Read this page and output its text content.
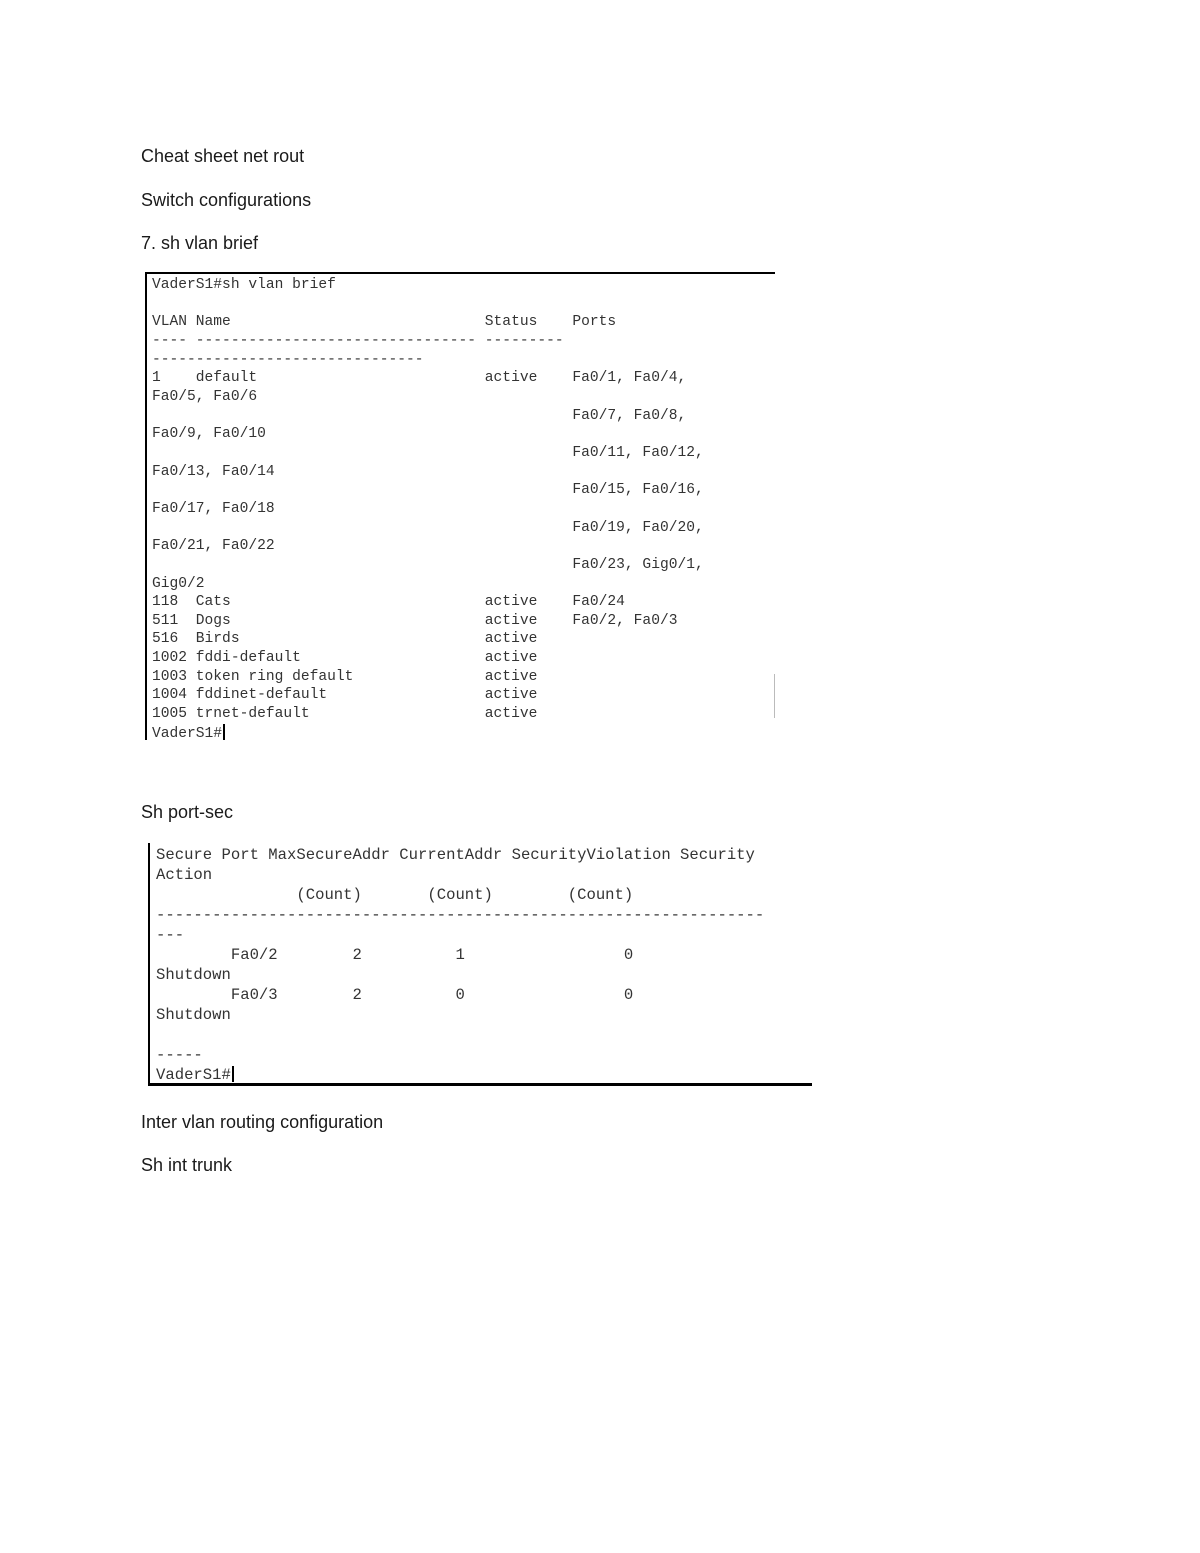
Cheat sheet net rout
Switch configurations
7. sh vlan brief
VaderS1#sh vlan brief

VLAN Name                             Status    Ports
---- -------------------------------- ---------
-------------------------------
1    default                          active    Fa0/1, Fa0/4,
Fa0/5, Fa0/6
Fa0/7, Fa0/8,
Fa0/9, Fa0/10
Fa0/11, Fa0/12,
Fa0/13, Fa0/14
Fa0/15, Fa0/16,
Fa0/17, Fa0/18
Fa0/19, Fa0/20,
Fa0/21, Fa0/22
Fa0/23, Gig0/1,
Gig0/2
118  Cats                             active    Fa0/24
511  Dogs                             active    Fa0/2, Fa0/3
516  Birds                            active
1002 fddi-default                     active
1003 token ring default               active
1004 fddinet-default                  active
1005 trnet-default                    active
VaderS1#
Sh port-sec
Secure Port MaxSecureAddr CurrentAddr SecurityViolation Security
Action
(Count)       (Count)        (Count)
-----------------------------------------------------------------
---
Fa0/2        2          1                 0
Shutdown
Fa0/3        2          0                 0
Shutdown

-----
VaderS1#
Inter vlan routing configuration
Sh int trunk
